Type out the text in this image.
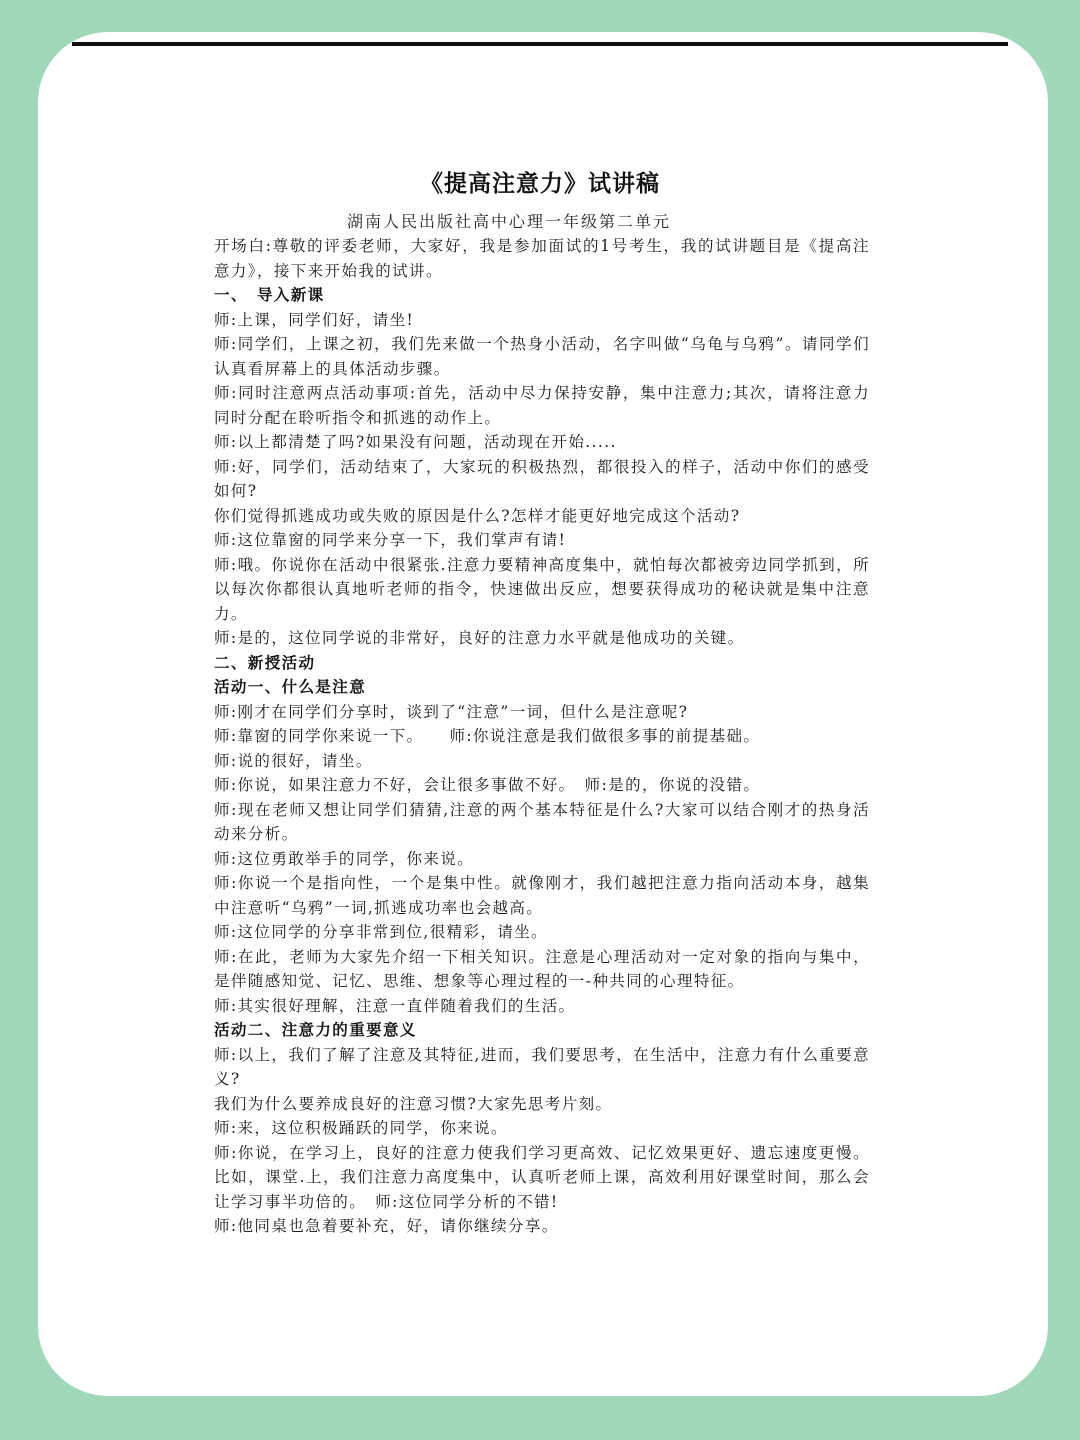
《提高注意力》试讲稿
湖南人民出版社高中心理一年级第二单元

开场白:尊敬的评委老师，大家好，我是参加面试的1号考生，我的试讲题目是《提高注意力》，接下来开始我的试讲。

一、　导入新课

师:上课，同学们好，请坐!

师:同学们，上课之初，我们先来做一个热身小活动，名字叫做“乌龟与乌鸦”。请同学们认真看屏幕上的具体活动步骤。

师:同时注意两点活动事项:首先，活动中尽力保持安静，集中注意力;其次，请将注意力同时分配在聆听指令和抓逃的动作上。

师:以上都清楚了吗?如果没有问题，活动现在开始.....

师:好，同学们，活动结束了，大家玩的积极热烈，都很投入的样子，活动中你们的感受如何?

你们觉得抓逃成功或失败的原因是什么?怎样才能更好地完成这个活动?

师:这位靠窗的同学来分享一下，我们掌声有请!

师:哦。你说你在活动中很紧张.注意力要精神高度集中，就怕每次都被旁边同学抓到，所以每次你都很认真地听老师的指令，快速做出反应，想要获得成功的秘诀就是集中注意力。

师:是的，这位同学说的非常好，良好的注意力水平就是他成功的关键。

二、新授活动

活动一、什么是注意

师:刚才在同学们分享时，谈到了“注意”一词，但什么是注意呢?

师:靠窗的同学你来说一下。　　师:你说注意是我们做很多事的前提基础。

师:说的很好，请坐。

师:你说，如果注意力不好，会让很多事做不好。　师:是的，你说的没错。

师:现在老师又想让同学们猜猜,注意的两个基本特征是什么?大家可以结合刚才的热身活动来分析。

师:这位勇敢举手的同学，你来说。

师:你说一个是指向性，一个是集中性。就像刚才，我们越把注意力指向活动本身，越集中注意听“乌鸦”一词,抓逃成功率也会越高。

师:这位同学的分享非常到位,很精彩，请坐。

师:在此，老师为大家先介绍一下相关知识。注意是心理活动对一定对象的指向与集中，是伴随感知觉、记忆、思维、想象等心理过程的一-种共同的心理特征。

师:其实很好理解，注意一直伴随着我们的生活。

活动二、注意力的重要意义

师:以上，我们了解了注意及其特征,进而，我们要思考，在生活中，注意力有什么重要意义?

我们为什么要养成良好的注意习惯?大家先思考片刻。

师:来，这位积极踊跃的同学，你来说。

师:你说，在学习上，良好的注意力使我们学习更高效、记忆效果更好、遗忘速度更慢。比如，课堂.上，我们注意力高度集中，认真听老师上课，高效利用好课堂时间，那么会让学习事半功倍的。　师:这位同学分析的不错!

师:他同桌也急着要补充，好，请你继续分享。
